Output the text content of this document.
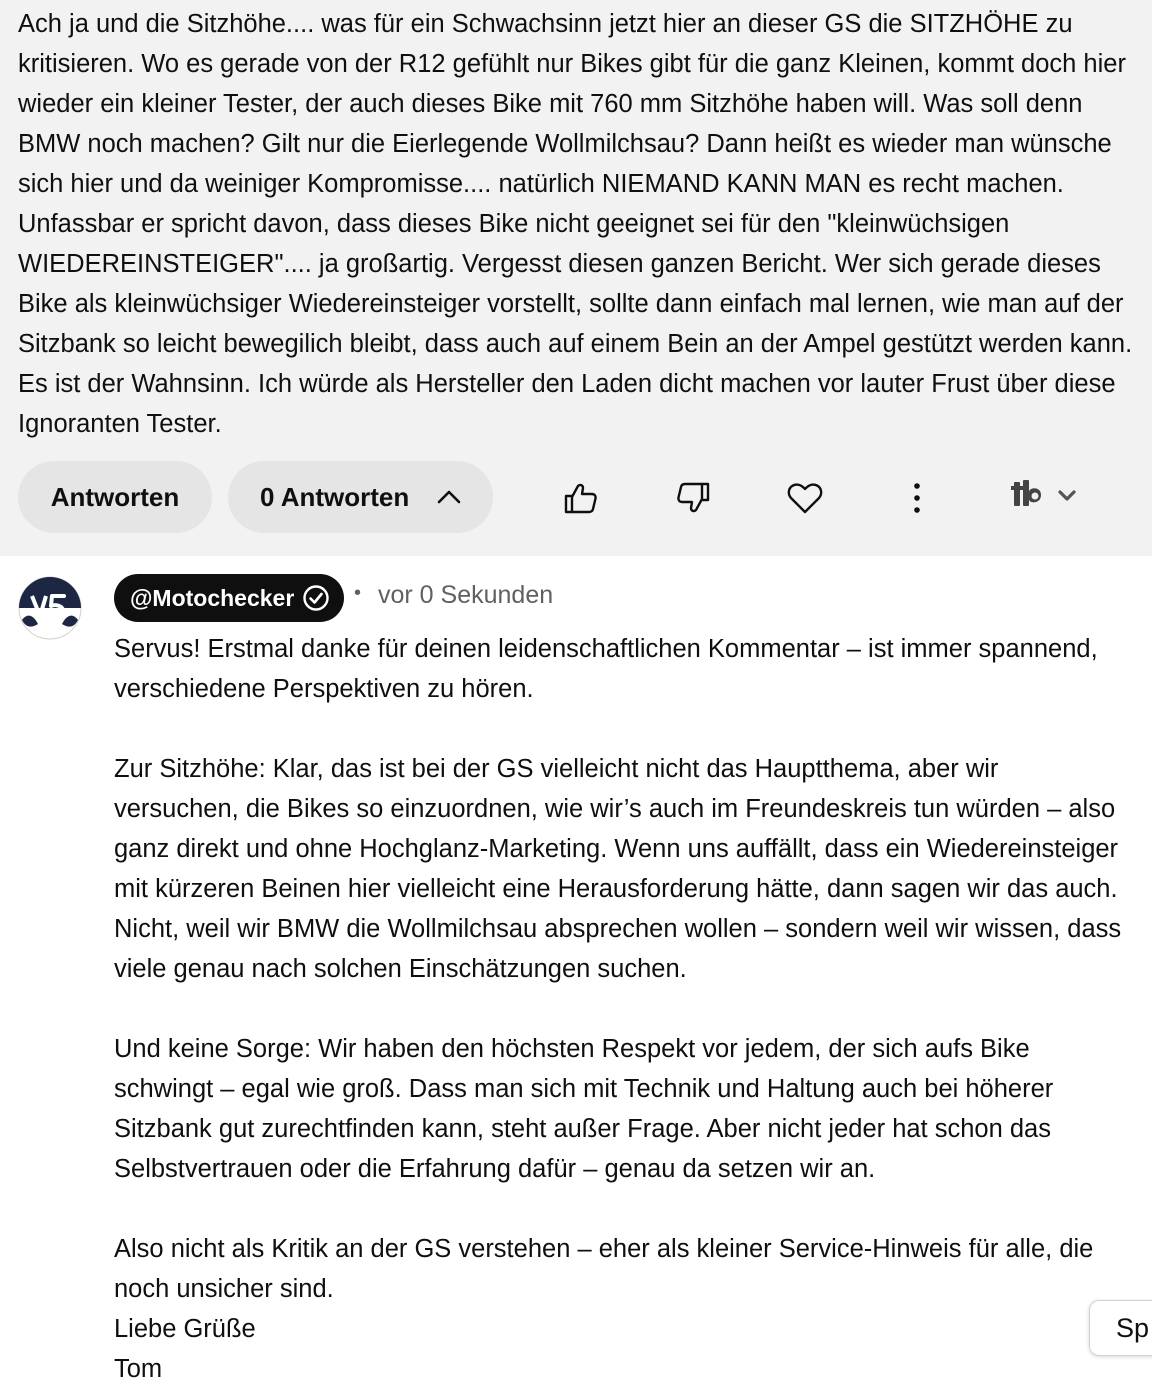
Ach ja und die Sitzhöhe.... was für ein Schwachsinn jetzt hier an dieser GS die SITZHÖHE zu kritisieren. Wo es gerade von der R12 gefühlt nur Bikes gibt für die ganz Kleinen, kommt doch hier wieder ein kleiner Tester, der auch dieses Bike mit 760 mm Sitzhöhe haben will. Was soll denn BMW noch machen? Gilt nur die Eierlegende Wollmilchsau? Dann heißt es wieder man wünsche sich hier und da weiniger Kompromisse.... natürlich NIEMAND KANN MAN es recht machen. Unfassbar er spricht davon, dass dieses Bike nicht geeignet sei für den "kleinwüchsigen WIEDEREINSTEIGER".... ja großartig. Vergesst diesen ganzen Bericht. Wer sich gerade dieses Bike als kleinwüchsiger Wiedereinsteiger vorstellt, sollte dann einfach mal lernen, wie man auf der Sitzbank so leicht bewegilich bleibt, dass auch auf einem Bein an der Ampel gestützt werden kann. Es ist der Wahnsinn. Ich würde als Hersteller den Laden dicht machen vor lauter Frust über diese Ignoranten Tester.

Antworten	0 Antworten
@Motochecker	• vor 0 Sekunden

Servus! Erstmal danke für deinen leidenschaftlichen Kommentar – ist immer spannend, verschiedene Perspektiven zu hören.

Zur Sitzhöhe: Klar, das ist bei der GS vielleicht nicht das Hauptthema, aber wir versuchen, die Bikes so einzuordnen, wie wir’s auch im Freundeskreis tun würden – also ganz direkt und ohne Hochglanz-Marketing. Wenn uns auffällt, dass ein Wiedereinsteiger mit kürzeren Beinen hier vielleicht eine Herausforderung hätte, dann sagen wir das auch. Nicht, weil wir BMW die Wollmilchsau absprechen wollen – sondern weil wir wissen, dass viele genau nach solchen Einschätzungen suchen.

Und keine Sorge: Wir haben den höchsten Respekt vor jedem, der sich aufs Bike schwingt – egal wie groß. Dass man sich mit Technik und Haltung auch bei höherer Sitzbank gut zurechtfinden kann, steht außer Frage. Aber nicht jeder hat schon das Selbstvertrauen oder die Erfahrung dafür – genau da setzen wir an.

Also nicht als Kritik an der GS verstehen – eher als kleiner Service-Hinweis für alle, die noch unsicher sind.

Liebe Grüße

Tom

Sp
